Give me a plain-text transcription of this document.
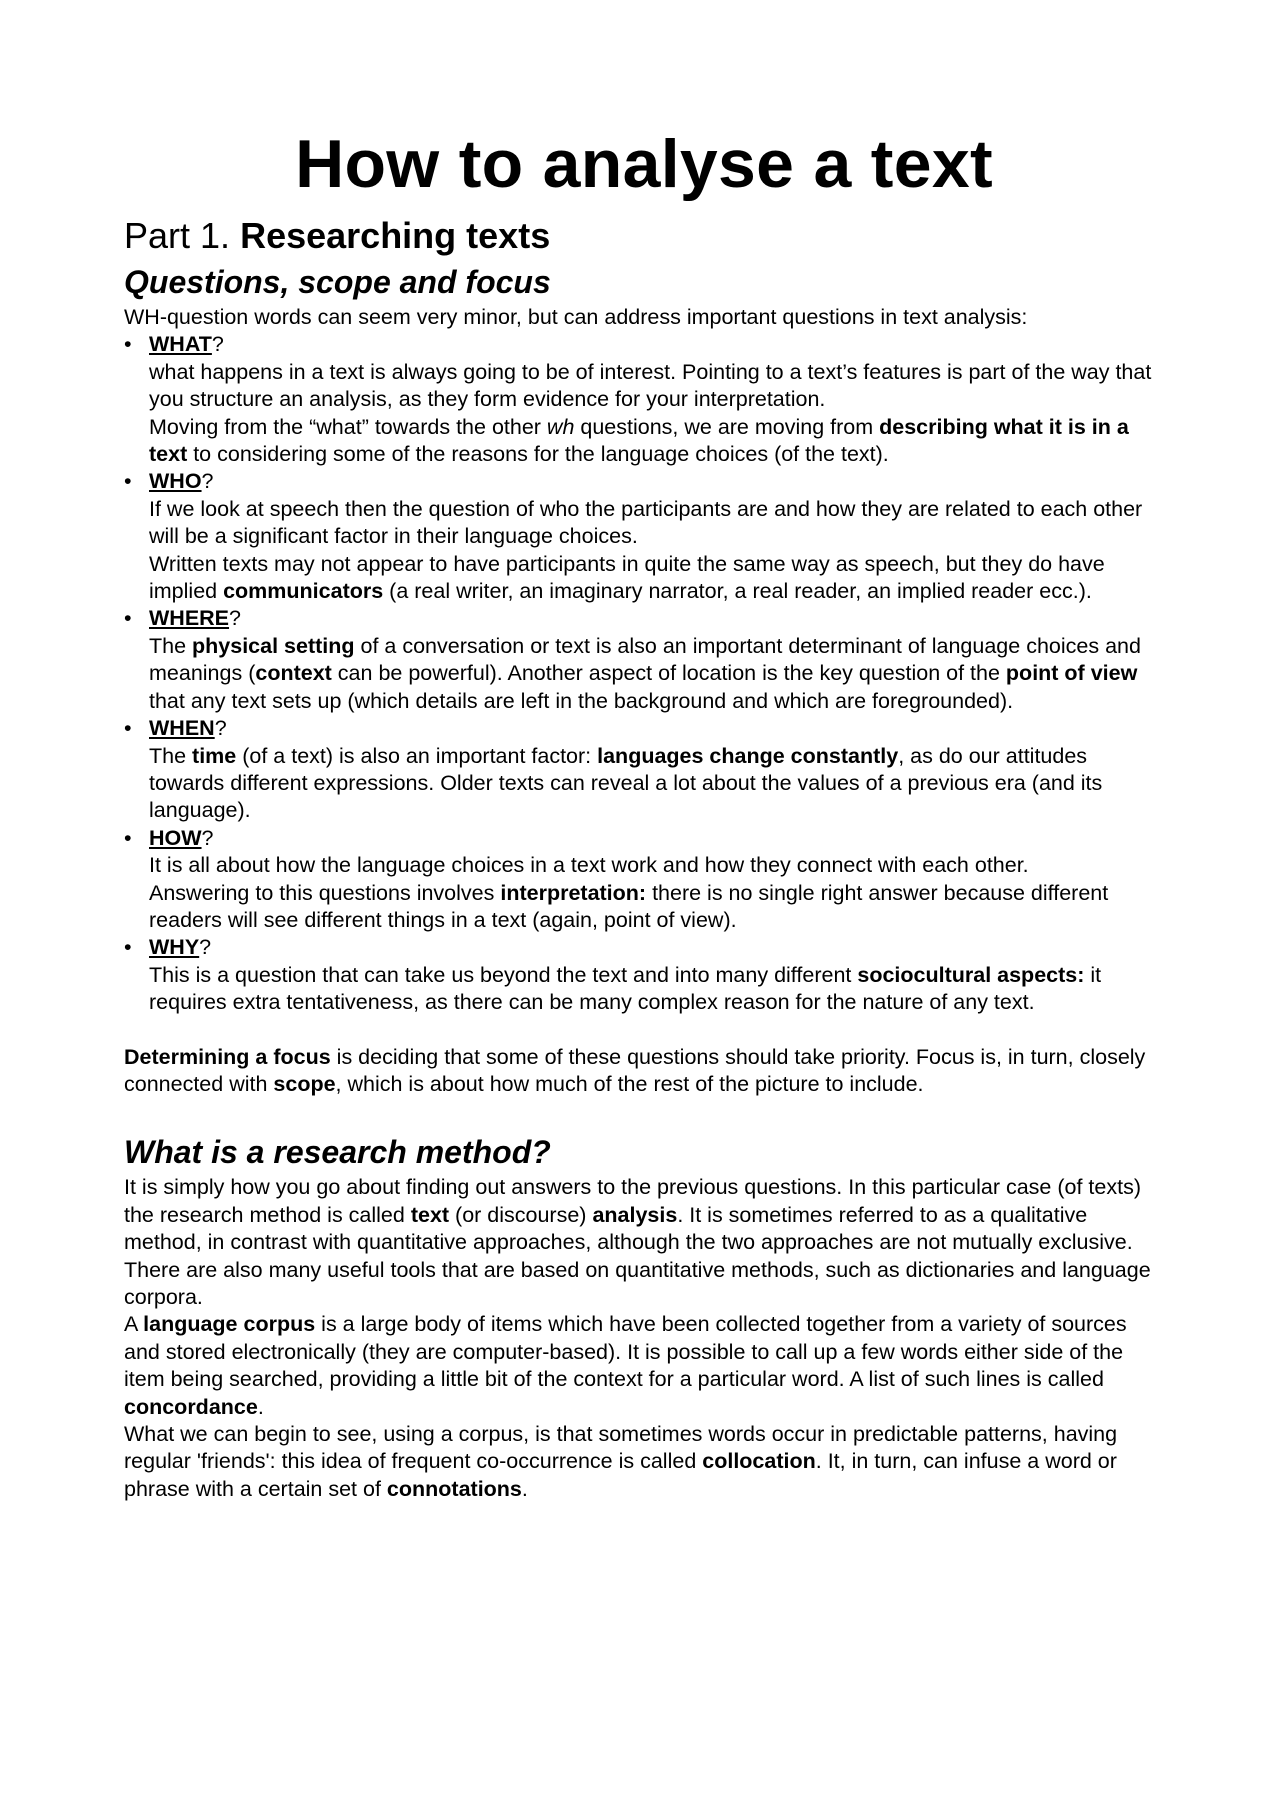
How to analyse a text
Part 1. Researching texts
Questions, scope and focus

WH-question words can seem very minor, but can address important questions in text analysis:

• WHAT?
what happens in a text is always going to be of interest. Pointing to a text’s features is part of the way that you structure an analysis, as they form evidence for your interpretation.
Moving from the “what” towards the other wh questions, we are moving from describing what it is in a text to considering some of the reasons for the language choices (of the text).
• WHO?
If we look at speech then the question of who the participants are and how they are related to each other will be a significant factor in their language choices.
Written texts may not appear to have participants in quite the same way as speech, but they do have implied communicators (a real writer, an imaginary narrator, a real reader, an implied reader ecc.).
• WHERE?
The physical setting of a conversation or text is also an important determinant of language choices and meanings (context can be powerful). Another aspect of location is the key question of the point of view that any text sets up (which details are left in the background and which are foregrounded).
• WHEN?
The time (of a text) is also an important factor: languages change constantly, as do our attitudes towards different expressions. Older texts can reveal a lot about the values of a previous era (and its language).
• HOW?
It is all about how the language choices in a text work and how they connect with each other.
Answering to this questions involves interpretation: there is no single right answer because different readers will see different things in a text (again, point of view).
• WHY?
This is a question that can take us beyond the text and into many different sociocultural aspects: it requires extra tentativeness, as there can be many complex reason for the nature of any text.

Determining a focus is deciding that some of these questions should take priority. Focus is, in turn, closely connected with scope, which is about how much of the rest of the picture to include.

What is a research method?

It is simply how you go about finding out answers to the previous questions. In this particular case (of texts) the research method is called text (or discourse) analysis. It is sometimes referred to as a qualitative method, in contrast with quantitative approaches, although the two approaches are not mutually exclusive. There are also many useful tools that are based on quantitative methods, such as dictionaries and language corpora.

A language corpus is a large body of items which have been collected together from a variety of sources and stored electronically (they are computer-based). It is possible to call up a few words either side of the item being searched, providing a little bit of the context for a particular word. A list of such lines is called concordance.

What we can begin to see, using a corpus, is that sometimes words occur in predictable patterns, having regular 'friends': this idea of frequent co-occurrence is called collocation. It, in turn, can infuse a word or phrase with a certain set of connotations.
